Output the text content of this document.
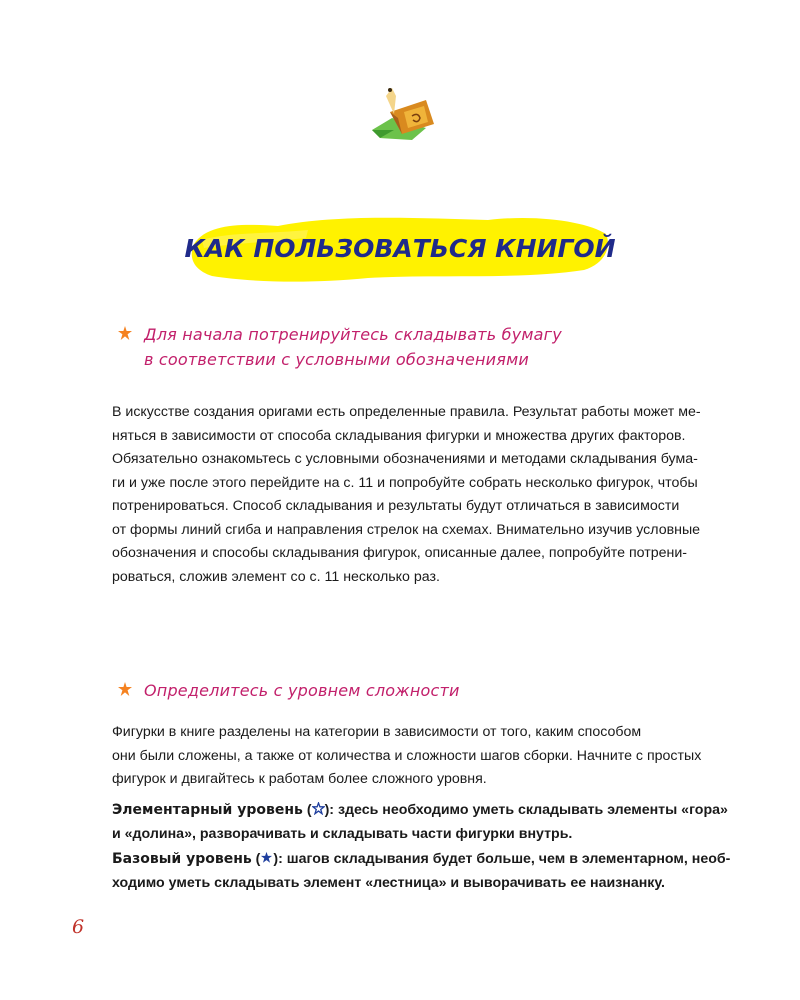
КАК ПОЛЬЗОВАТЬСЯ КНИГОЙ
Для начала потренируйтесь складывать бумагу
в соответствии с условными обозначениями
В искусстве создания оригами есть определенные правила. Результат работы может ме-
няться в зависимости от способа складывания фигурки и множества других факторов.
Обязательно ознакомьтесь с условными обозначениями и методами складывания бума-
ги и уже после этого перейдите на с. 11 и попробуйте собрать несколько фигурок, чтобы
потренироваться. Способ складывания и результаты будут отличаться в зависимости
от формы линий сгиба и направления стрелок на схемах. Внимательно изучив условные
обозначения и способы складывания фигурок, описанные далее, попробуйте потрени-
роваться, сложив элемент со с. 11 несколько раз.
Определитесь с уровнем сложности
Фигурки в книге разделены на категории в зависимости от того, каким способом
они были сложены, а также от количества и сложности шагов сборки. Начните с простых
фигурок и двигайтесь к работам более сложного уровня.
Элементарный уровень ( ): здесь необходимо уметь складывать элементы «гора»
и «долина», разворачивать и складывать части фигурки внутрь.
Базовый уровень ( ): шагов складывания будет больше, чем в элементарном, необ-
ходимо уметь складывать элемент «лестница» и выворачивать ее наизнанку.
6
